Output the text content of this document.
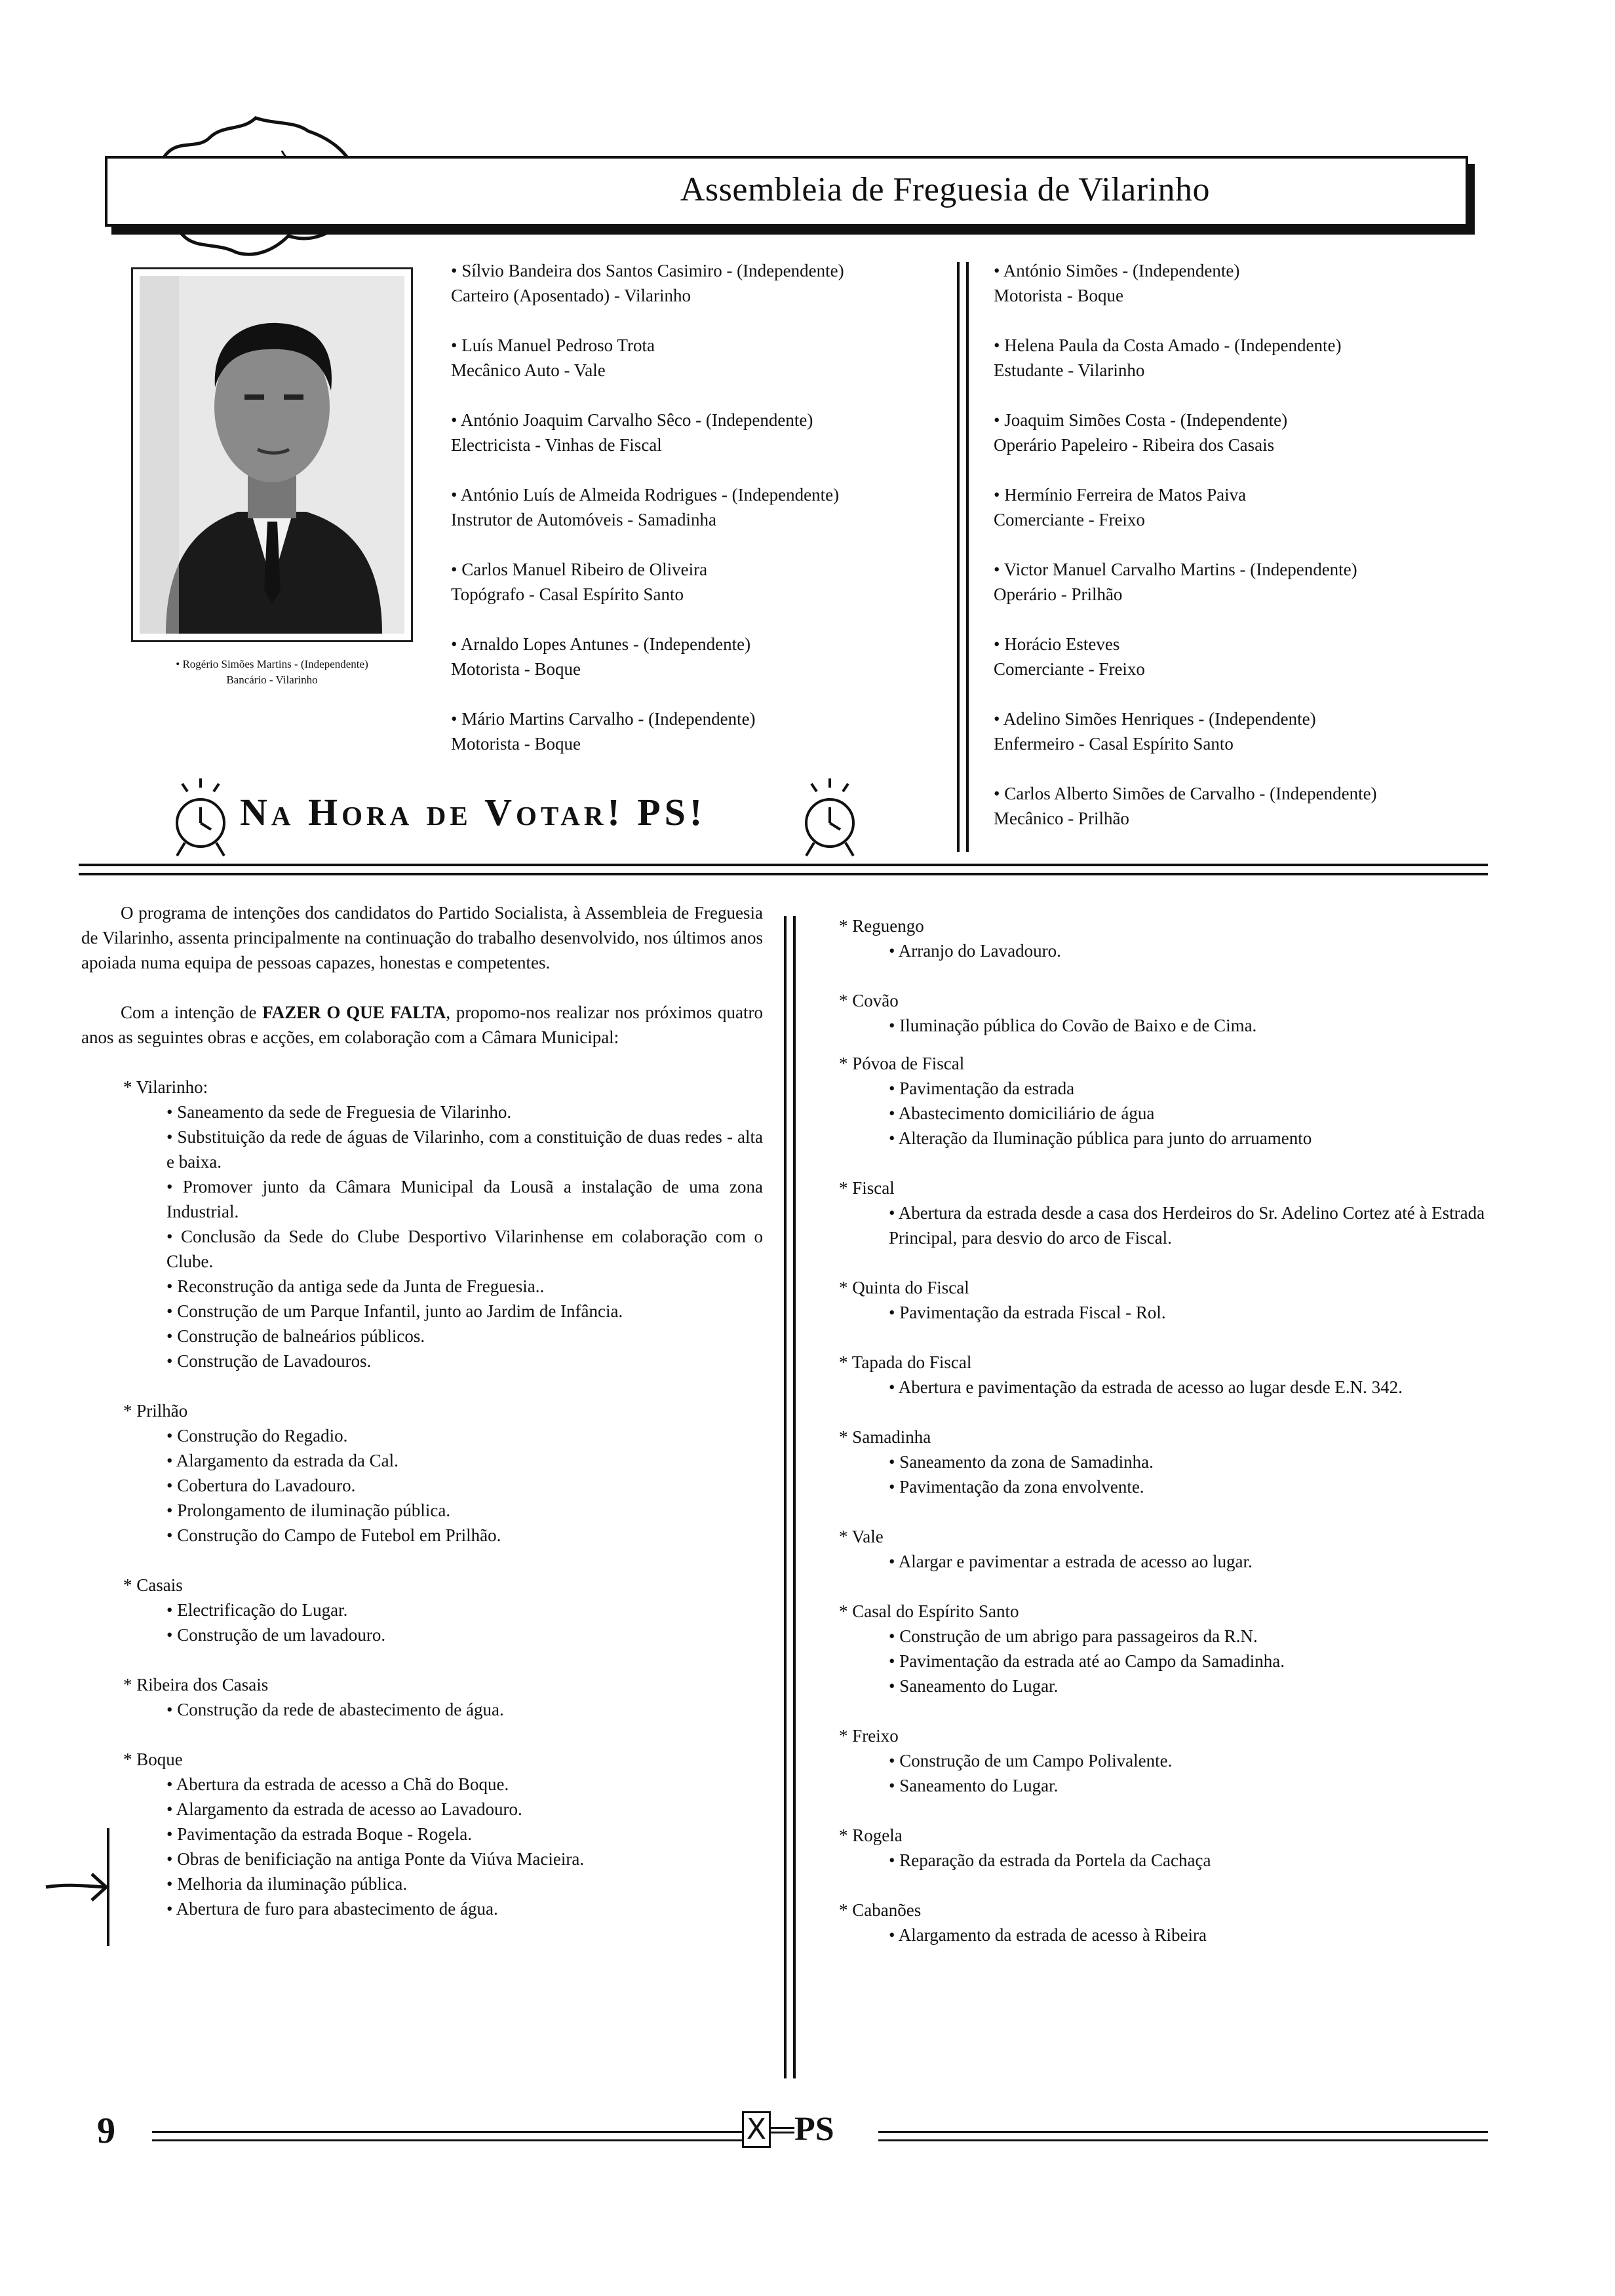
Assembleia de Freguesia de Vilarinho
• Rogério Simões Martins - (Independente)
Bancário - Vilarinho
• Sílvio Bandeira dos Santos Casimiro - (Independente)
Carteiro (Aposentado) - Vilarinho
• Luís Manuel Pedroso Trota
Mecânico Auto - Vale
• António Joaquim Carvalho Sêco - (Independente)
Electricista - Vinhas de Fiscal
• António Luís de Almeida Rodrigues - (Independente)
Instrutor de Automóveis - Samadinha
• Carlos Manuel Ribeiro de Oliveira
Topógrafo - Casal Espírito Santo
• Arnaldo Lopes Antunes - (Independente)
Motorista - Boque
• Mário Martins Carvalho - (Independente)
Motorista - Boque
• António Simões - (Independente)
Motorista - Boque
• Helena Paula da Costa Amado - (Independente)
Estudante - Vilarinho
• Joaquim Simões Costa - (Independente)
Operário Papeleiro - Ribeira dos Casais
• Hermínio Ferreira de Matos Paiva
Comerciante - Freixo
• Victor Manuel Carvalho Martins - (Independente)
Operário - Prilhão
• Horácio Esteves
Comerciante - Freixo
• Adelino Simões Henriques - (Independente)
Enfermeiro - Casal Espírito Santo
• Carlos Alberto Simões de Carvalho - (Independente)
Mecânico - Prilhão
Na Hora de Votar! PS!

O programa de intenções dos candidatos do Partido Socialista, à Assembleia de Freguesia de Vilarinho, assenta principalmente na continuação do trabalho desenvolvido, nos últimos anos apoiada numa equipa de pessoas capazes, honestas e competentes.

Com a intenção de FAZER O QUE FALTA, propomo-nos realizar nos próximos quatro anos as seguintes obras e acções, em colaboração com a Câmara Municipal:

* Vilarinho:
• Saneamento da sede de Freguesia de Vilarinho.
• Substituição da rede de águas de Vilarinho, com a constituição de duas redes - alta e baixa.
• Promover junto da Câmara Municipal da Lousã a instalação de uma zona Industrial.
• Conclusão da Sede do Clube Desportivo Vilarinhense em colaboração com o Clube.
• Reconstrução da antiga sede da Junta de Freguesia..
• Construção de um Parque Infantil, junto ao Jardim de Infância.
• Construção de balneários públicos.
• Construção de Lavadouros.
* Prilhão
• Construção do Regadio.
• Alargamento da estrada da Cal.
• Cobertura do Lavadouro.
• Prolongamento de iluminação pública.
• Construção do Campo de Futebol em Prilhão.
* Casais
• Electrificação do Lugar.
• Construção de um lavadouro.
* Ribeira dos Casais
• Construção da rede de abastecimento de água.
* Boque
• Abertura da estrada de acesso a Chã do Boque.
• Alargamento da estrada de acesso ao Lavadouro.
• Pavimentação da estrada Boque - Rogela.
• Obras de benificiação na antiga Ponte da Viúva Macieira.
• Melhoria da iluminação pública.
• Abertura de furo para abastecimento de água.
* Reguengo
• Arranjo do Lavadouro.
* Covão
• Iluminação pública do Covão de Baixo e de Cima.
* Póvoa de Fiscal
• Pavimentação da estrada
• Abastecimento domiciliário de água
• Alteração da Iluminação pública para junto do arruamento
* Fiscal
• Abertura da estrada desde a casa dos Herdeiros do Sr. Adelino Cortez até à Estrada Principal, para desvio do arco de Fiscal.
* Quinta do Fiscal
• Pavimentação da estrada Fiscal - Rol.
* Tapada do Fiscal
• Abertura e pavimentação da estrada de acesso ao lugar desde E.N. 342.
* Samadinha
• Saneamento da zona de Samadinha.
• Pavimentação da zona envolvente.
* Vale
• Alargar e pavimentar a estrada de acesso ao lugar.
* Casal do Espírito Santo
• Construção de um abrigo para passageiros da R.N.
• Pavimentação da estrada até ao Campo da Samadinha.
• Saneamento do Lugar.
* Freixo
• Construção de um Campo Polivalente.
• Saneamento do Lugar.
* Rogela
• Reparação da estrada da Portela da Cachaça
* Cabanões
• Alargamento da estrada de acesso à Ribeira
9	X PS
